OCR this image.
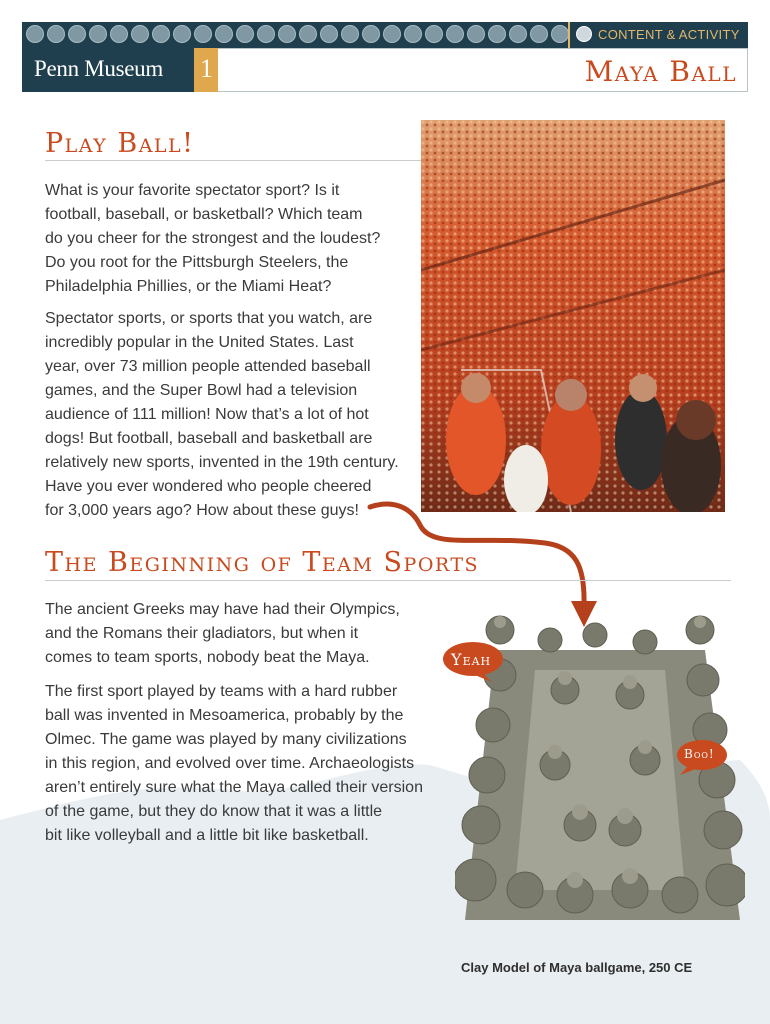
CONTENT & ACTIVITY
Penn Museum 1	Maya Ball
Play Ball!
What is your favorite spectator sport? Is it
football, baseball, or basketball? Which team
do you cheer for the strongest and the loudest?
Do you root for the Pittsburgh Steelers, the
Philadelphia Phillies, or the Miami Heat?
Spectator sports, or sports that you watch, are
incredibly popular in the United States. Last
year, over 73 million people attended baseball
games, and the Super Bowl had a television
audience of 111 million! Now that’s a lot of hot
dogs! But football, baseball and basketball are
relatively new sports, invented in the 19th century.
Have you ever wondered who people cheered
for 3,000 years ago? How about these guys!
The Beginning of Team Sports
The ancient Greeks may have had their Olympics,
and the Romans their gladiators, but when it
comes to team sports, nobody beat the Maya.
The first sport played by teams with a hard rubber
ball was invented in Mesoamerica, probably by the
Olmec. The game was played by many civilizations
in this region, and evolved over time. Archaeologists
aren’t entirely sure what the Maya called their version
of the game, but they do know that it was a little
bit like volleyball and a little bit like basketball.
Yeah
Boo!
Clay Model of Maya ballgame, 250 CE
